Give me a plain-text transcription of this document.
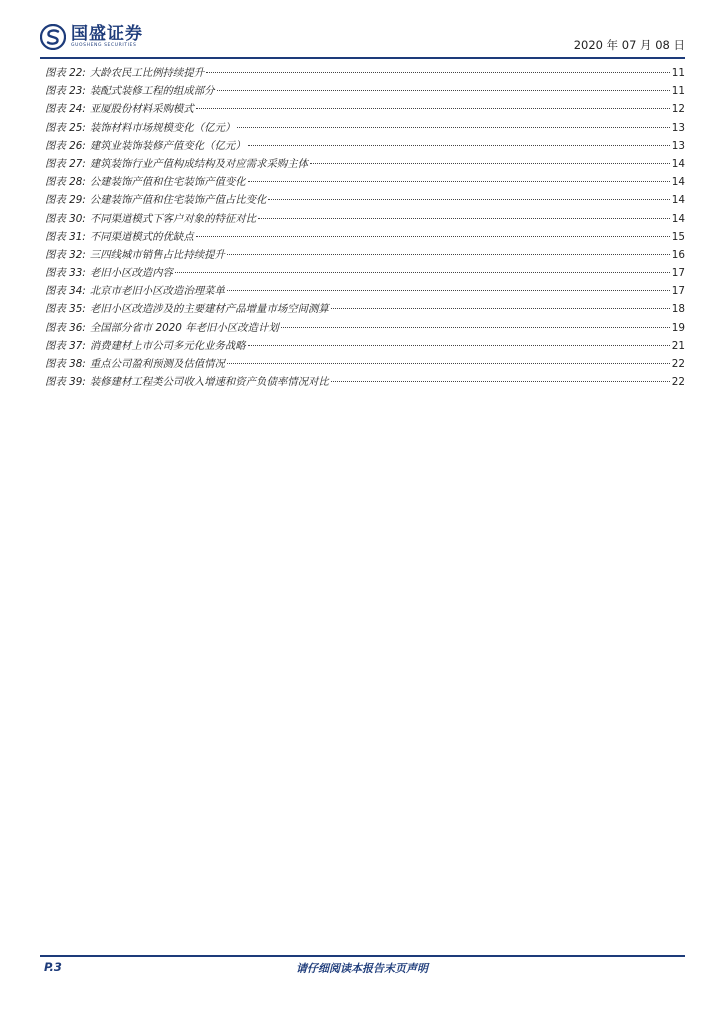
国盛证券
GUOSHENG SECURITIES	2020 年 07 月 08 日
图表 22: 大龄农民工比例持续提升	11
图表 23: 装配式装修工程的组成部分	11
图表 24: 亚厦股份材料采购模式	12
图表 25: 装饰材料市场规模变化（亿元）	13
图表 26: 建筑业装饰装修产值变化（亿元）	13
图表 27: 建筑装饰行业产值构成结构及对应需求采购主体	14
图表 28: 公建装饰产值和住宅装饰产值变化	14
图表 29: 公建装饰产值和住宅装饰产值占比变化	14
图表 30: 不同渠道模式下客户对象的特征对比	14
图表 31: 不同渠道模式的优缺点	15
图表 32: 三四线城市销售占比持续提升	16
图表 33: 老旧小区改造内容	17
图表 34: 北京市老旧小区改造治理菜单	17
图表 35: 老旧小区改造涉及的主要建材产品增量市场空间测算	18
图表 36: 全国部分省市 2020 年老旧小区改造计划	19
图表 37: 消费建材上市公司多元化业务战略	21
图表 38: 重点公司盈利预测及估值情况	22
图表 39: 装修建材工程类公司收入增速和资产负债率情况对比	22
P.3	请仔细阅读本报告末页声明
